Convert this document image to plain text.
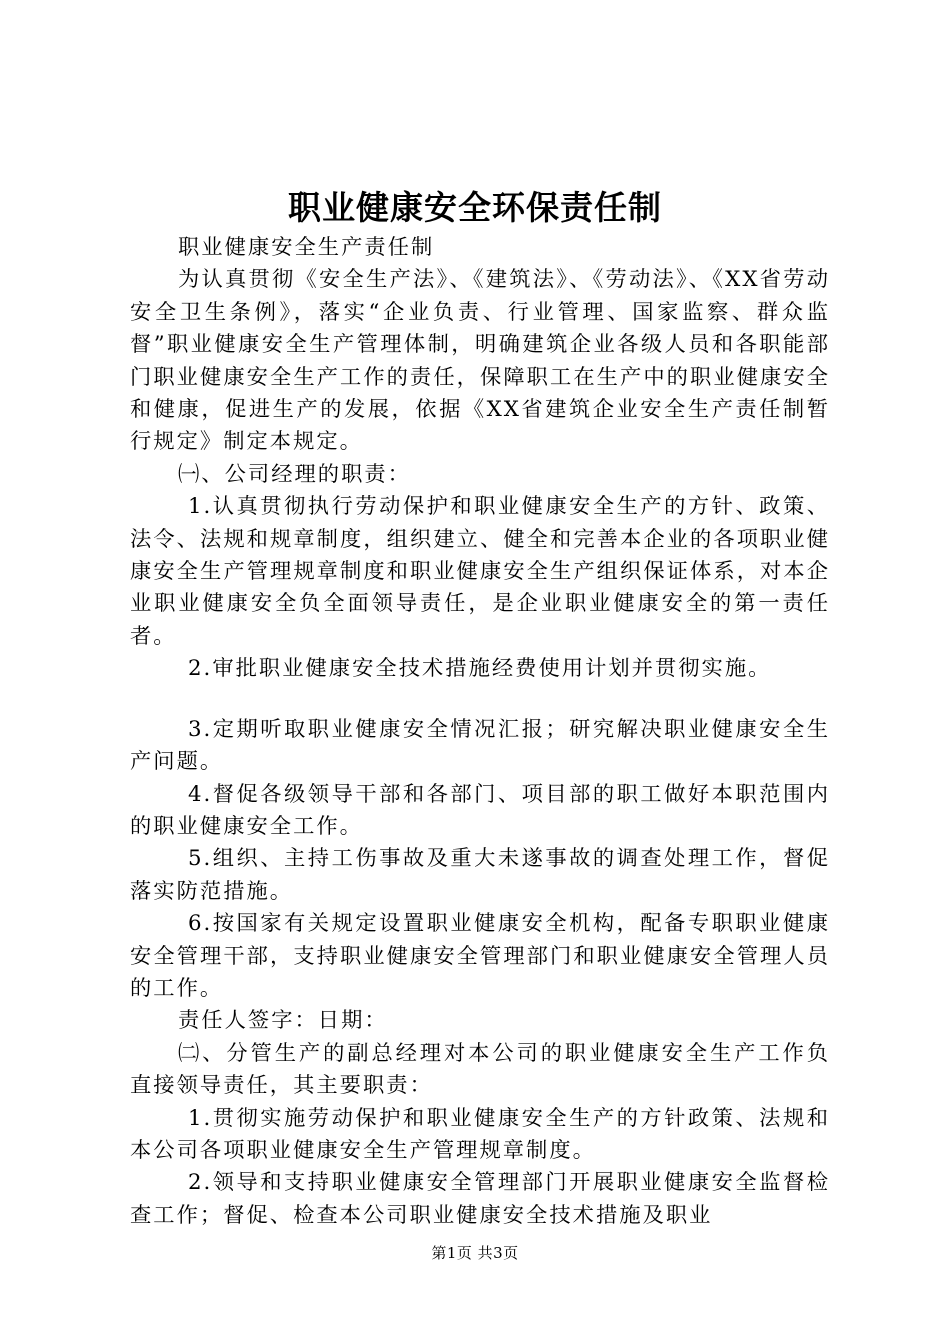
职业健康安全环保责任制

职业健康安全生产责任制

为认真贯彻《安全生产法》、《建筑法》、《劳动法》、《XX省劳动安全卫生条例》，落实“企业负责、行业管理、国家监察、群众监督”职业健康安全生产管理体制，明确建筑企业各级人员和各职能部门职业健康安全生产工作的责任，保障职工在生产中的职业健康安全和健康，促进生产的发展，依据《XX省建筑企业安全生产责任制暂行规定》制定本规定。

㈠、公司经理的职责：

1.认真贯彻执行劳动保护和职业健康安全生产的方针、政策、法令、法规和规章制度，组织建立、健全和完善本企业的各项职业健康安全生产管理规章制度和职业健康安全生产组织保证体系，对本企业职业健康安全负全面领导责任，是企业职业健康安全的第一责任者。

2.审批职业健康安全技术措施经费使用计划并贯彻实施。

3.定期听取职业健康安全情况汇报；研究解决职业健康安全生产问题。

4.督促各级领导干部和各部门、项目部的职工做好本职范围内的职业健康安全工作。

5.组织、主持工伤事故及重大未遂事故的调查处理工作，督促落实防范措施。

6.按国家有关规定设置职业健康安全机构，配备专职职业健康安全管理干部，支持职业健康安全管理部门和职业健康安全管理人员的工作。

责任人签字：日期：

㈡、分管生产的副总经理对本公司的职业健康安全生产工作负直接领导责任，其主要职责：

1.贯彻实施劳动保护和职业健康安全生产的方针政策、法规和本公司各项职业健康安全生产管理规章制度。

2.领导和支持职业健康安全管理部门开展职业健康安全监督检查工作；督促、检查本公司职业健康安全技术措施及职业

第1页 共3页
